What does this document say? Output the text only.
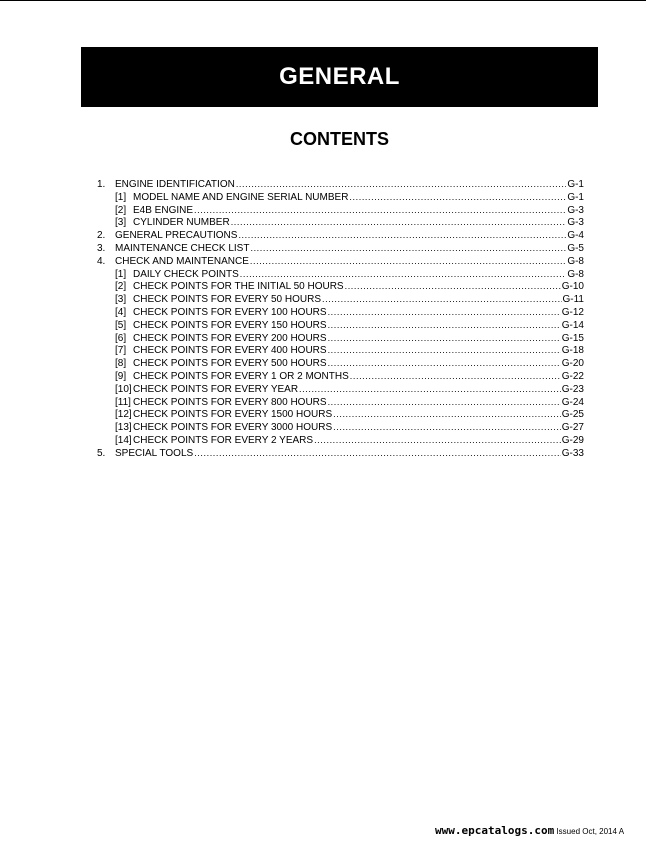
GENERAL
CONTENTS
1. ENGINE IDENTIFICATION .....	G-1
[1] MODEL NAME AND ENGINE SERIAL NUMBER .....	G-1
[2] E4B ENGINE .....	G-3
[3] CYLINDER NUMBER .....	G-3
2. GENERAL PRECAUTIONS .....	G-4
3. MAINTENANCE CHECK LIST .....	G-5
4. CHECK AND MAINTENANCE .....	G-8
[1] DAILY CHECK POINTS .....	G-8
[2] CHECK POINTS FOR THE INITIAL 50 HOURS .....	G-10
[3] CHECK POINTS FOR EVERY 50 HOURS .....	G-11
[4] CHECK POINTS FOR EVERY 100 HOURS .....	G-12
[5] CHECK POINTS FOR EVERY 150 HOURS .....	G-14
[6] CHECK POINTS FOR EVERY 200 HOURS .....	G-15
[7] CHECK POINTS FOR EVERY 400 HOURS .....	G-18
[8] CHECK POINTS FOR EVERY 500 HOURS .....	G-20
[9] CHECK POINTS FOR EVERY 1 OR 2 MONTHS .....	G-22
[10] CHECK POINTS FOR EVERY YEAR .....	G-23
[11] CHECK POINTS FOR EVERY 800 HOURS .....	G-24
[12] CHECK POINTS FOR EVERY 1500 HOURS .....	G-25
[13] CHECK POINTS FOR EVERY 3000 HOURS .....	G-27
[14] CHECK POINTS FOR EVERY 2 YEARS .....	G-29
5. SPECIAL TOOLS .....	G-33
www.epcatalogs.com Issued Oct, 2014 A
